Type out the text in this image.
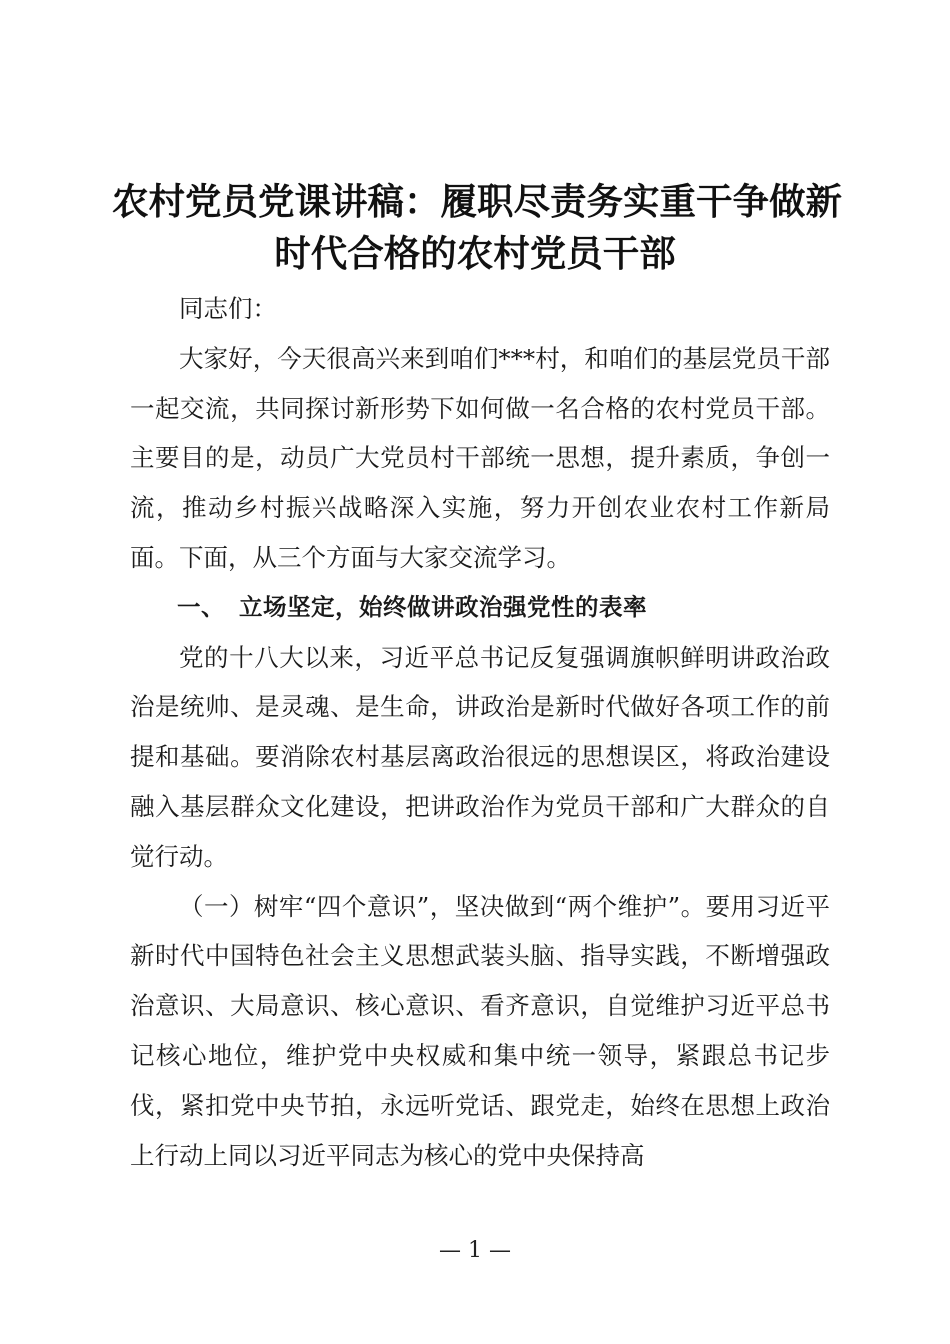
农村党员党课讲稿：履职尽责务实重干争做新
时代合格的农村党员干部

同志们：

大家好，今天很高兴来到咱们***村，和咱们的基层党员干部一起交流，共同探讨新形势下如何做一名合格的农村党员干部。主要目的是，动员广大党员村干部统一思想，提升素质，争创一流，推动乡村振兴战略深入实施，努力开创农业农村工作新局面。下面，从三个方面与大家交流学习。

一、 立场坚定，始终做讲政治强党性的表率

党的十八大以来，习近平总书记反复强调旗帜鲜明讲政治政治是统帅、是灵魂、是生命，讲政治是新时代做好各项工作的前提和基础。要消除农村基层离政治很远的思想误区，将政治建设融入基层群众文化建设，把讲政治作为党员干部和广大群众的自觉行动。

（一）树牢“四个意识”，坚决做到“两个维护”。要用习近平新时代中国特色社会主义思想武装头脑、指导实践，不断增强政治意识、大局意识、核心意识、看齐意识，自觉维护习近平总书记核心地位，维护党中央权威和集中统一领导，紧跟总书记步伐，紧扣党中央节拍，永远听党话、跟党走，始终在思想上政治上行动上同以习近平同志为核心的党中央保持高

— 1 —
